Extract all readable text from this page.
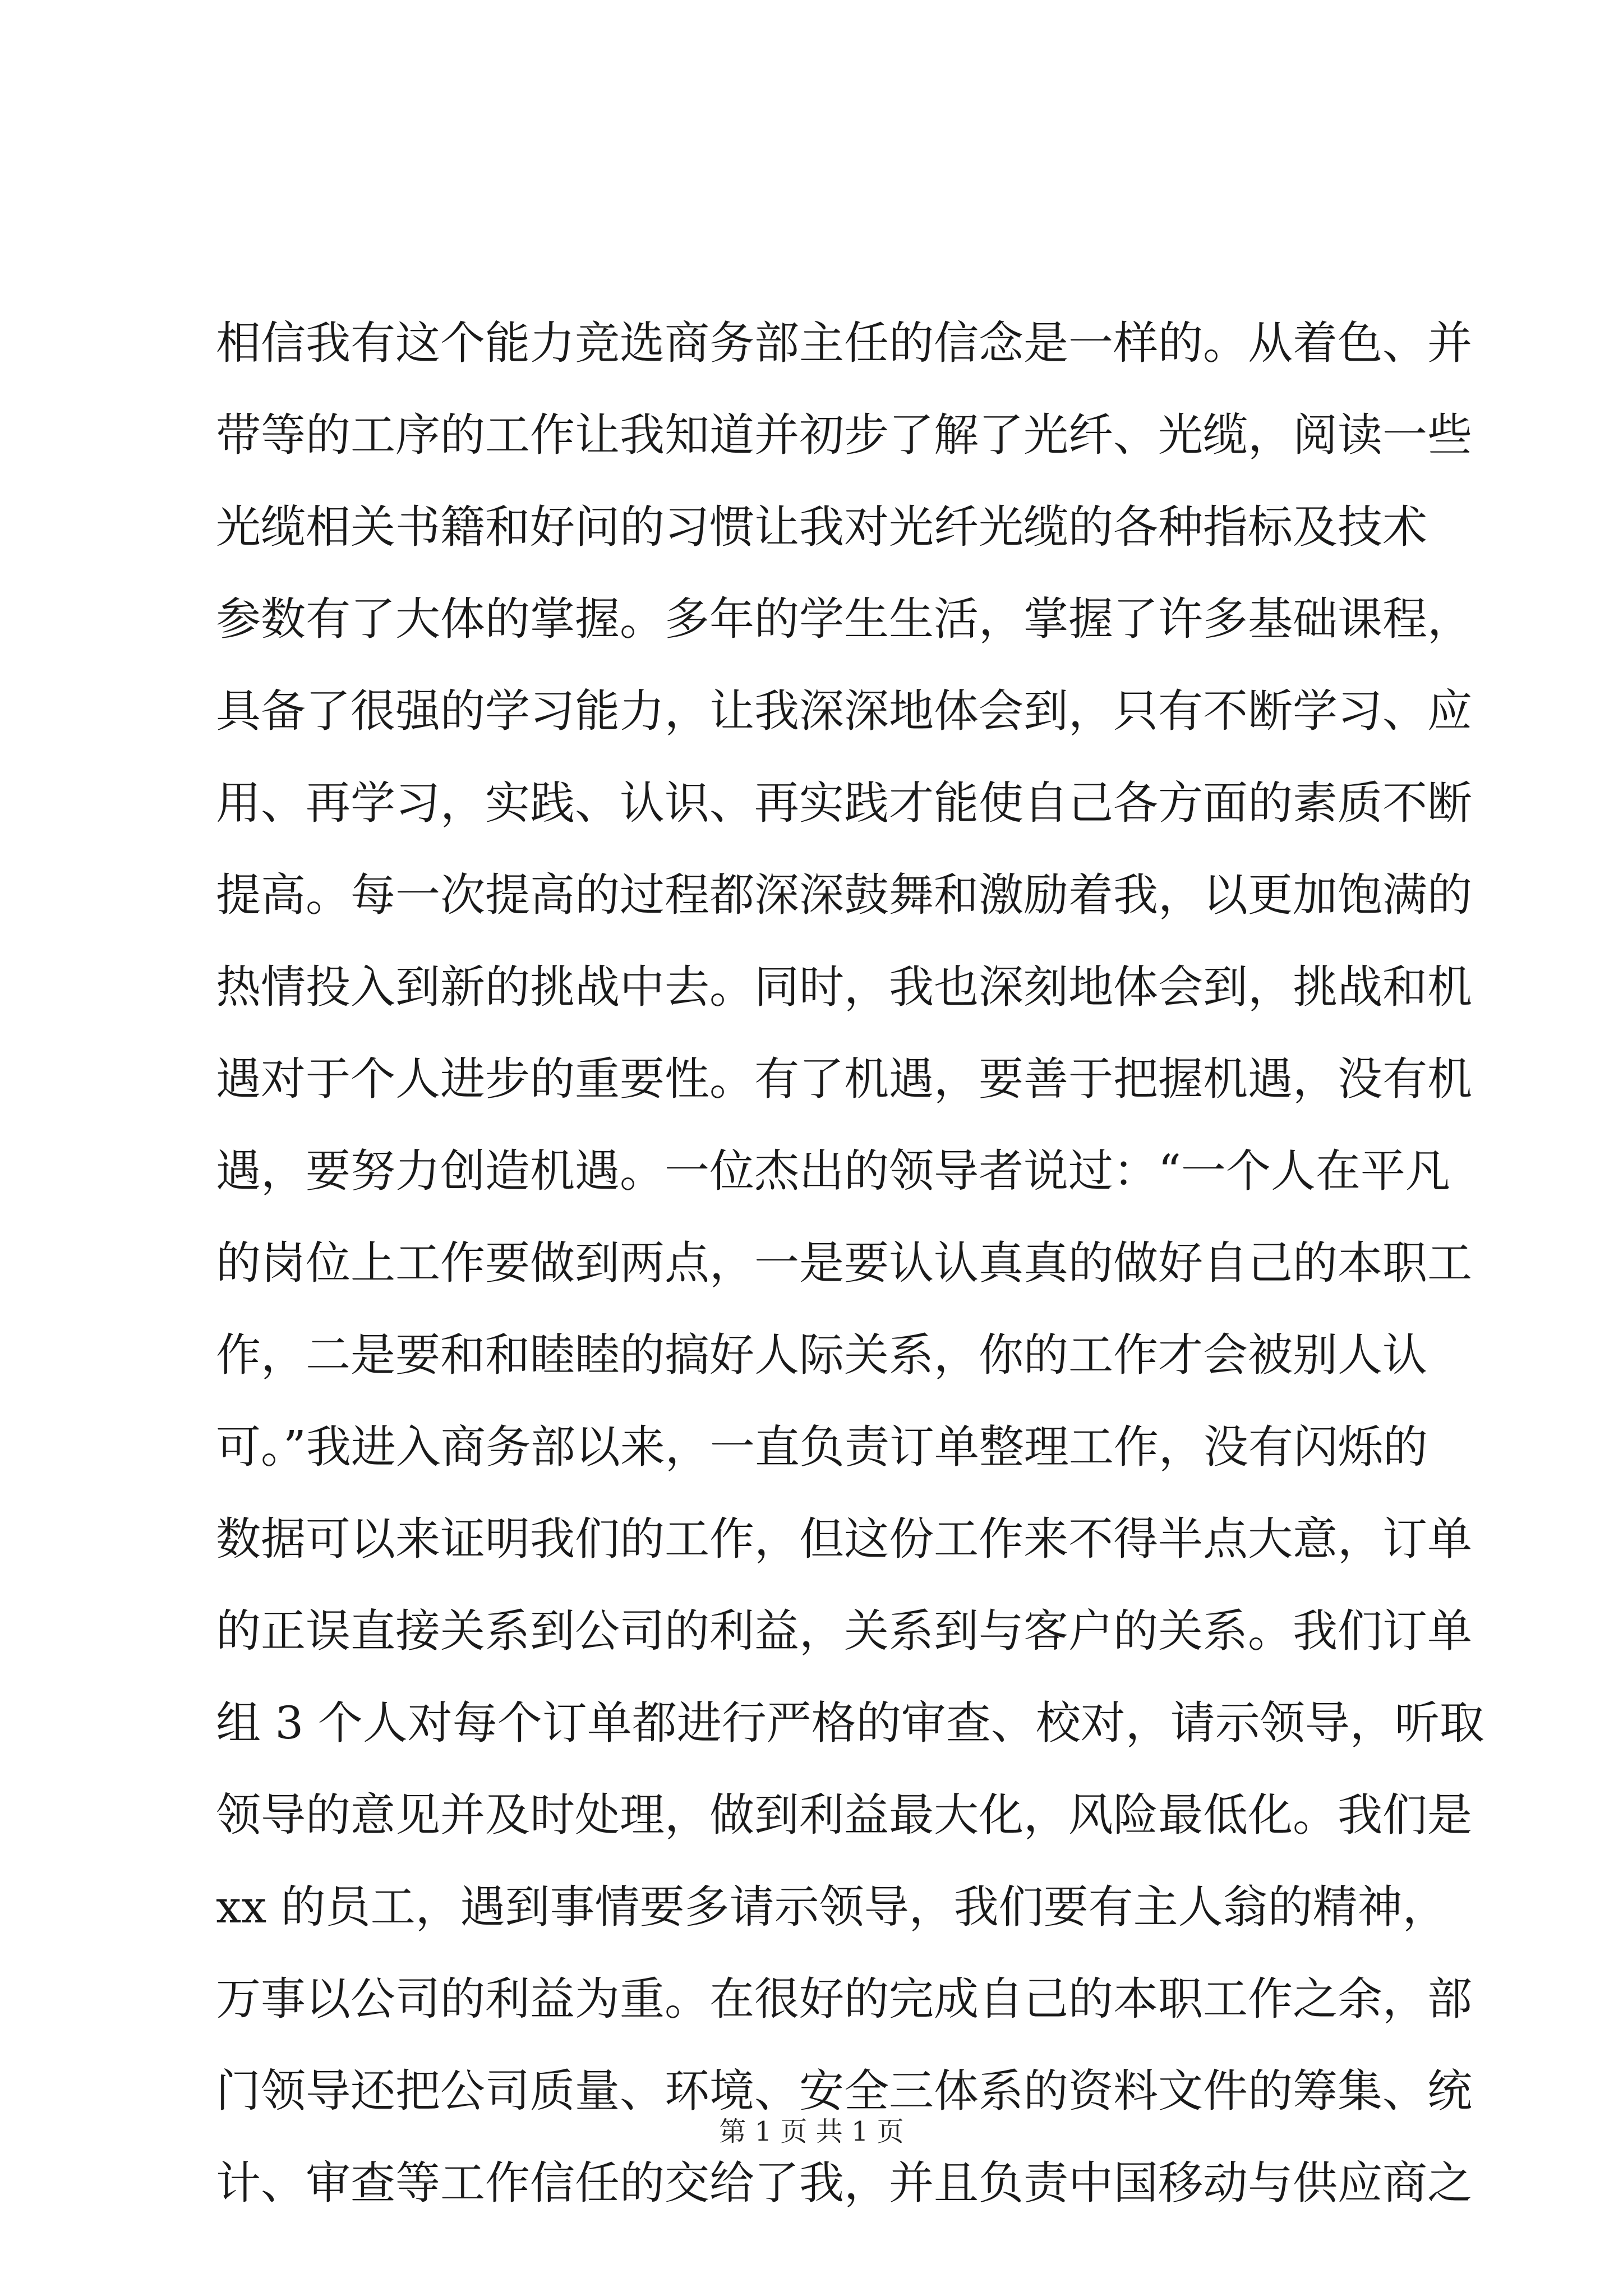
相信我有这个能力竞选商务部主任的信念是一样的。从着色、并
带等的工序的工作让我知道并初步了解了光纤、光缆，阅读一些
光缆相关书籍和好问的习惯让我对光纤光缆的各种指标及技术
参数有了大体的掌握。多年的学生生活，掌握了许多基础课程，
具备了很强的学习能力，让我深深地体会到，只有不断学习、应
用、再学习，实践、认识、再实践才能使自己各方面的素质不断
提高。每一次提高的过程都深深鼓舞和激励着我，以更加饱满的
热情投入到新的挑战中去。同时，我也深刻地体会到，挑战和机
遇对于个人进步的重要性。有了机遇，要善于把握机遇，没有机
遇，要努力创造机遇。一位杰出的领导者说过：“一个人在平凡
的岗位上工作要做到两点，一是要认认真真的做好自己的本职工
作，二是要和和睦睦的搞好人际关系，你的工作才会被别人认
可。”我进入商务部以来，一直负责订单整理工作，没有闪烁的
数据可以来证明我们的工作，但这份工作来不得半点大意，订单
的正误直接关系到公司的利益，关系到与客户的关系。我们订单
组 3 个人对每个订单都进行严格的审查、校对，请示领导，听取
领导的意见并及时处理，做到利益最大化，风险最低化。我们是
xx 的员工，遇到事情要多请示领导，我们要有主人翁的精神，
万事以公司的利益为重。在很好的完成自己的本职工作之余，部
门领导还把公司质量、环境、安全三体系的资料文件的筹集、统
计、审查等工作信任的交给了我，并且负责中国移动与供应商之
第 1 页 共 1 页
